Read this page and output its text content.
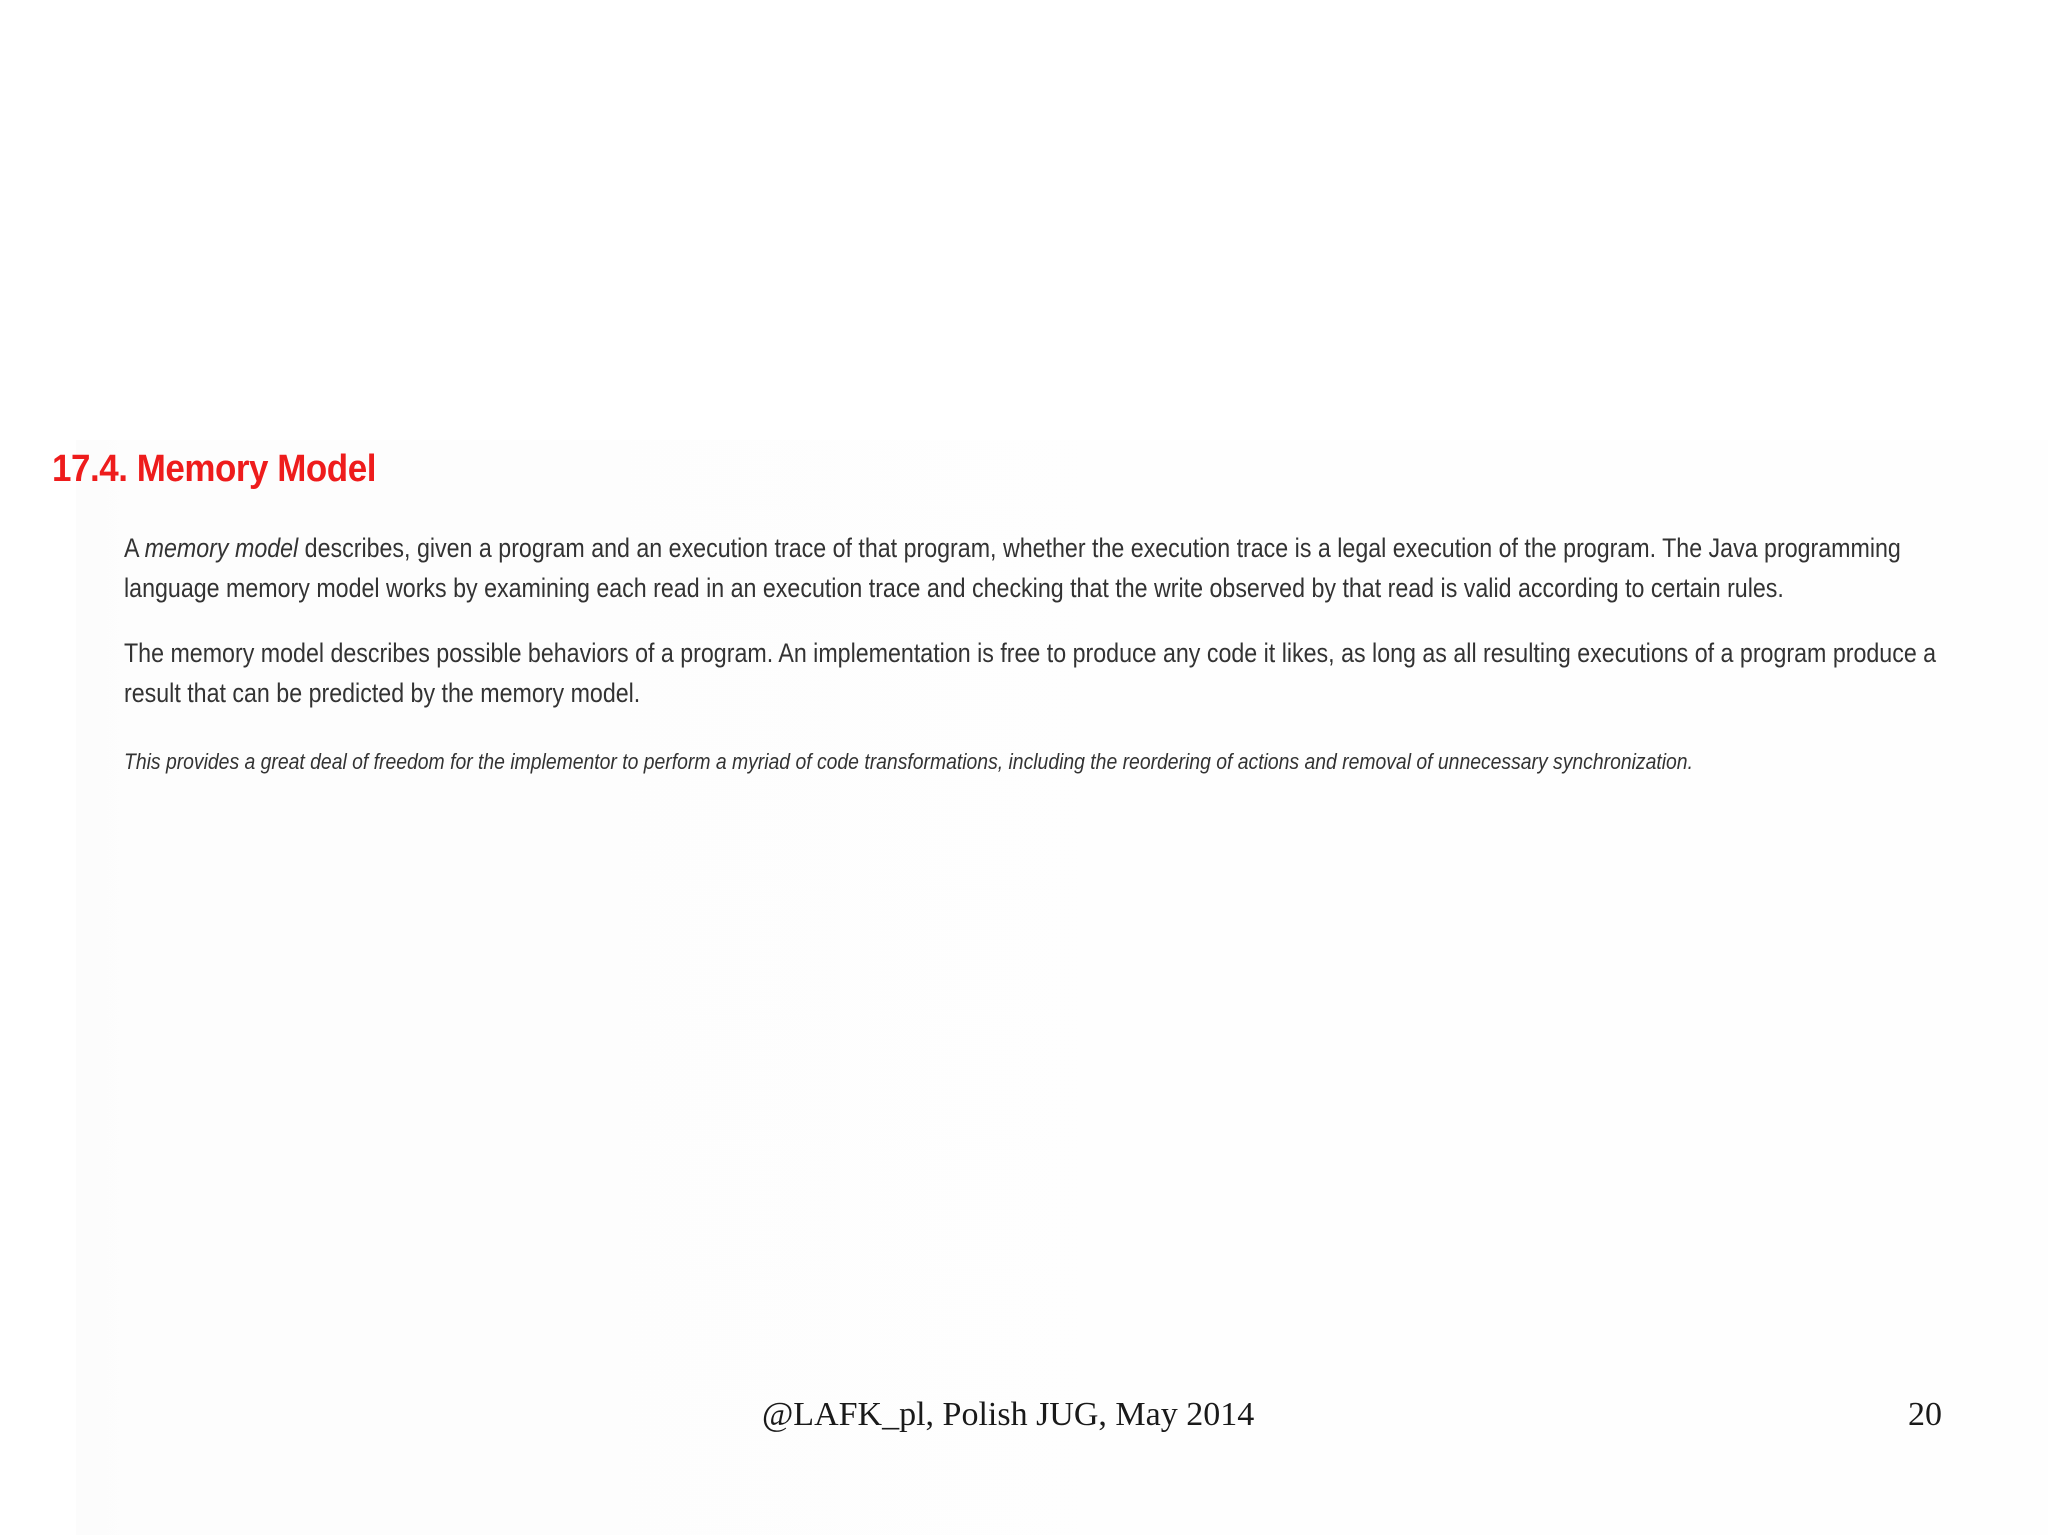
17.4. Memory Model

A memory model describes, given a program and an execution trace of that program, whether the execution trace is a legal execution of the program. The Java programming language memory model works by examining each read in an execution trace and checking that the write observed by that read is valid according to certain rules.

The memory model describes possible behaviors of a program. An implementation is free to produce any code it likes, as long as all resulting executions of a program produce a result that can be predicted by the memory model.

This provides a great deal of freedom for the implementor to perform a myriad of code transformations, including the reordering of actions and removal of unnecessary synchronization.

@LAFK_pl, Polish JUG, May 2014	20
